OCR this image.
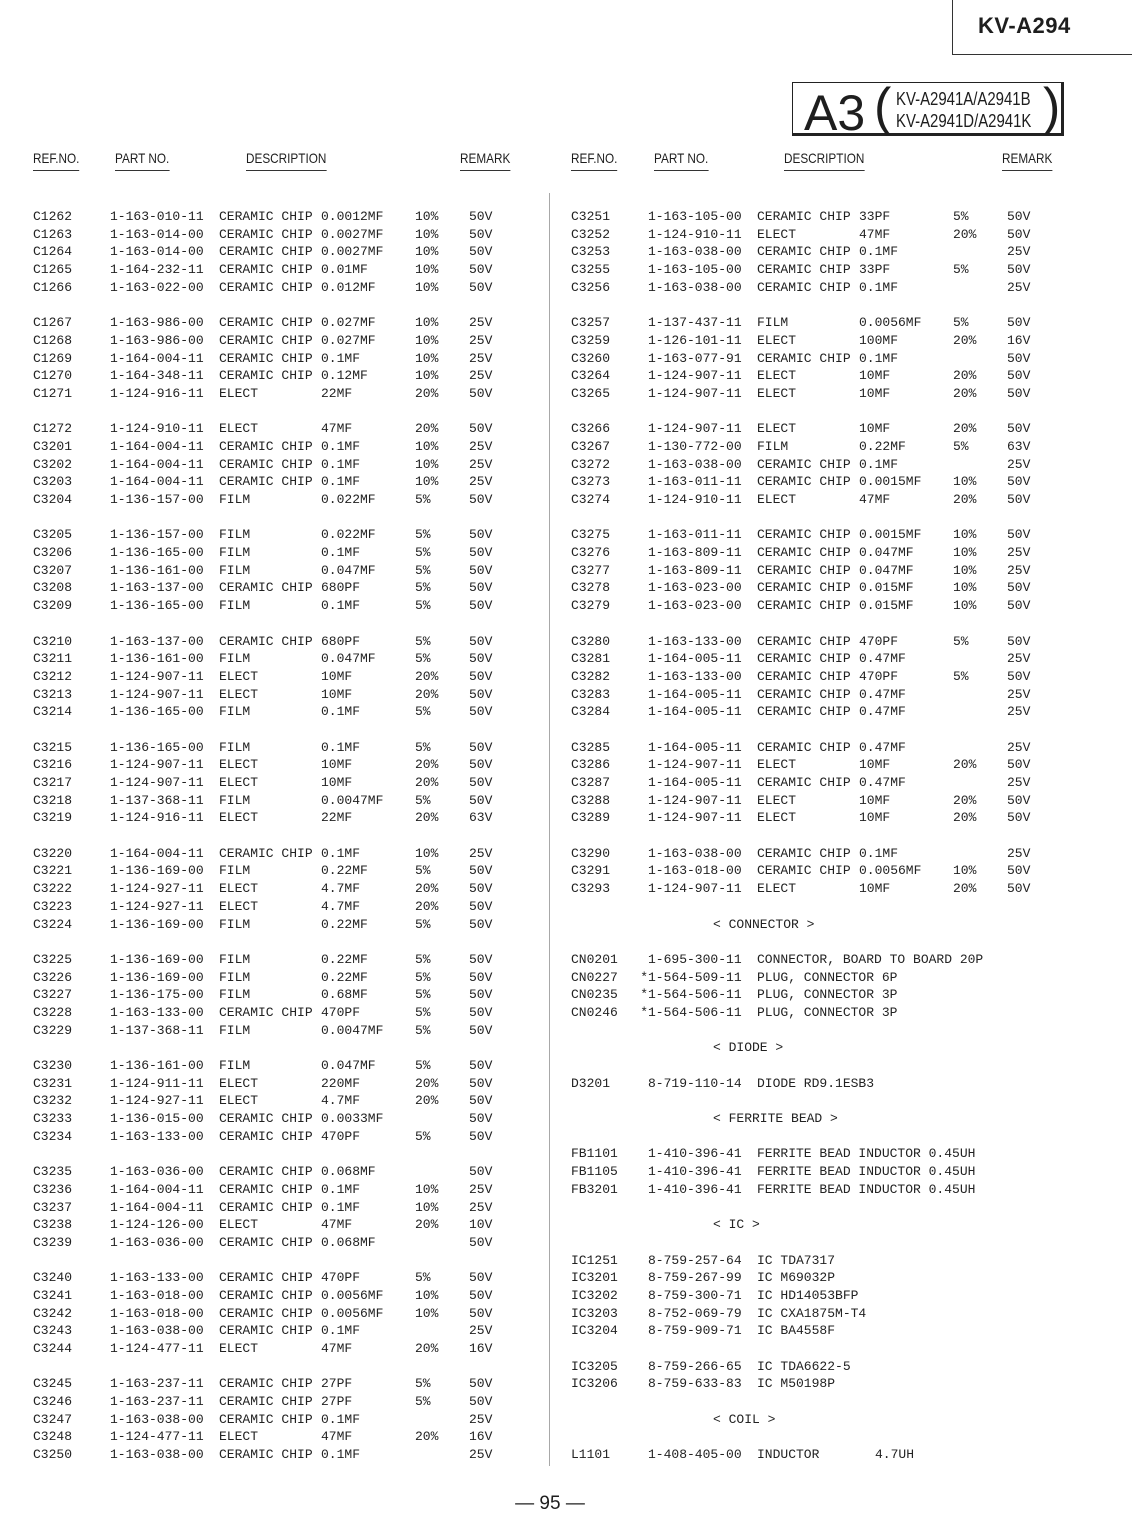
KV-A294
A3 ( KV-A2941A/A2941B
KV-A2941D/A2941K )
REF.NO.	PART NO.	DESCRIPTION	REMARK	REF.NO.	PART NO.	DESCRIPTION	REMARK
C1262	1-163-010-11 CERAMIC CHIP 0.0012MF 10% 50V
C1263	1-163-014-00 CERAMIC CHIP 0.0027MF 10% 50V
C1264	1-163-014-00 CERAMIC CHIP 0.0027MF 10% 50V
C1265	1-164-232-11 CERAMIC CHIP 0.01MF	10% 50V
C1266	1-163-022-00 CERAMIC CHIP 0.012MF	10% 50V
C1267	1-163-986-00 CERAMIC CHIP 0.027MF	10% 25V
C1268	1-163-986-00 CERAMIC CHIP 0.027MF	10% 25V
C1269	1-164-004-11 CERAMIC CHIP 0.1MF	10% 25V
C1270	1-164-348-11 CERAMIC CHIP 0.12MF	10% 25V
C1271	1-124-916-11 ELECT	22MF	20% 50V
C1272	1-124-910-11 ELECT	47MF	20% 50V
C3201	1-164-004-11 CERAMIC CHIP 0.1MF	10% 25V
C3202	1-164-004-11 CERAMIC CHIP 0.1MF	10% 25V
C3203	1-164-004-11 CERAMIC CHIP 0.1MF	10% 25V
C3204	1-136-157-00 FILM	0.022MF	5%	50V
C3205	1-136-157-00 FILM	0.022MF	5%	50V
C3206	1-136-165-00 FILM	0.1MF	5%	50V
C3207	1-136-161-00 FILM	0.047MF	5%	50V
C3208	1-163-137-00 CERAMIC CHIP 680PF	5%	50V
C3209	1-136-165-00 FILM	0.1MF	5%	50V
C3210	1-163-137-00 CERAMIC CHIP 680PF	5%	50V
C3211	1-136-161-00 FILM	0.047MF	5%	50V
C3212	1-124-907-11 ELECT	10MF	20% 50V
C3213	1-124-907-11 ELECT	10MF	20% 50V
C3214	1-136-165-00 FILM	0.1MF	5%	50V
C3215	1-136-165-00 FILM	0.1MF	5%	50V
C3216	1-124-907-11 ELECT	10MF	20% 50V
C3217	1-124-907-11 ELECT	10MF	20% 50V
C3218	1-137-368-11 FILM	0.0047MF 5%	50V
C3219	1-124-916-11 ELECT	22MF	20% 63V
C3220	1-164-004-11 CERAMIC CHIP 0.1MF	10% 25V
C3221	1-136-169-00 FILM	0.22MF	5%	50V
C3222	1-124-927-11 ELECT	4.7MF	20% 50V
C3223	1-124-927-11 ELECT	4.7MF	20% 50V
C3224	1-136-169-00 FILM	0.22MF	5%	50V
C3225	1-136-169-00 FILM	0.22MF	5%	50V
C3226	1-136-169-00 FILM	0.22MF	5%	50V
C3227	1-136-175-00 FILM	0.68MF	5%	50V
C3228	1-163-133-00 CERAMIC CHIP 470PF	5%	50V
C3229	1-137-368-11 FILM	0.0047MF 5%	50V
C3230	1-136-161-00 FILM	0.047MF	5%	50V
C3231	1-124-911-11 ELECT	220MF	20% 50V
C3232	1-124-927-11 ELECT	4.7MF	20% 50V
C3233	1-136-015-00 CERAMIC CHIP 0.0033MF	50V
C3234	1-163-133-00 CERAMIC CHIP 470PF	5%	50V
C3235	1-163-036-00 CERAMIC CHIP 0.068MF	50V
C3236	1-164-004-11 CERAMIC CHIP 0.1MF	10% 25V
C3237	1-164-004-11 CERAMIC CHIP 0.1MF	10% 25V
C3238	1-124-126-00 ELECT	47MF	20% 10V
C3239	1-163-036-00 CERAMIC CHIP 0.068MF	50V
C3240	1-163-133-00 CERAMIC CHIP 470PF	5%	50V
C3241	1-163-018-00 CERAMIC CHIP 0.0056MF 10% 50V
C3242	1-163-018-00 CERAMIC CHIP 0.0056MF 10% 50V
C3243	1-163-038-00 CERAMIC CHIP 0.1MF	25V
C3244	1-124-477-11 ELECT	47MF	20% 16V
C3245	1-163-237-11 CERAMIC CHIP 27PF	5%	50V
C3246	1-163-237-11 CERAMIC CHIP 27PF	5%	50V
C3247	1-163-038-00 CERAMIC CHIP 0.1MF	25V
C3248	1-124-477-11 ELECT	47MF	20% 16V
C3250	1-163-038-00 CERAMIC CHIP 0.1MF	25V
C3251	1-163-105-00 CERAMIC CHIP 33PF	5%	50V
C3252	1-124-910-11 ELECT	47MF	20% 50V
C3253	1-163-038-00 CERAMIC CHIP 0.1MF	25V
C3255	1-163-105-00 CERAMIC CHIP 33PF	5%	50V
C3256	1-163-038-00 CERAMIC CHIP 0.1MF	25V
C3257	1-137-437-11 FILM	0.0056MF 5%	50V
C3259	1-126-101-11 ELECT	100MF	20% 16V
C3260	1-163-077-91 CERAMIC CHIP 0.1MF	50V
C3264	1-124-907-11 ELECT	10MF	20% 50V
C3265	1-124-907-11 ELECT	10MF	20% 50V
C3266	1-124-907-11 ELECT	10MF	20% 50V
C3267	1-130-772-00 FILM	0.22MF	5%	63V
C3272	1-163-038-00 CERAMIC CHIP 0.1MF	25V
C3273	1-163-011-11 CERAMIC CHIP 0.0015MF 10% 50V
C3274	1-124-910-11 ELECT	47MF	20% 50V
C3275	1-163-011-11 CERAMIC CHIP 0.0015MF 10% 50V
C3276	1-163-809-11 CERAMIC CHIP 0.047MF	10% 25V
C3277	1-163-809-11 CERAMIC CHIP 0.047MF	10% 25V
C3278	1-163-023-00 CERAMIC CHIP 0.015MF	10% 50V
C3279	1-163-023-00 CERAMIC CHIP 0.015MF	10% 50V
C3280	1-163-133-00 CERAMIC CHIP 470PF	5%	50V
C3281	1-164-005-11 CERAMIC CHIP 0.47MF	25V
C3282	1-163-133-00 CERAMIC CHIP 470PF	5%	50V
C3283	1-164-005-11 CERAMIC CHIP 0.47MF	25V
C3284	1-164-005-11 CERAMIC CHIP 0.47MF	25V
C3285	1-164-005-11 CERAMIC CHIP 0.47MF	25V
C3286	1-124-907-11 ELECT	10MF	20% 50V
C3287	1-164-005-11 CERAMIC CHIP 0.47MF	25V
C3288	1-124-907-11 ELECT	10MF	20% 50V
C3289	1-124-907-11 ELECT	10MF	20% 50V
C3290	1-163-038-00 CERAMIC CHIP 0.1MF	25V
C3291	1-163-018-00 CERAMIC CHIP 0.0056MF 10% 50V
C3293	1-124-907-11 ELECT	10MF	20% 50V
< CONNECTOR >
CN0201 1-695-300-11 CONNECTOR, BOARD TO BOARD 20P
CN0227 *1-564-509-11 PLUG, CONNECTOR 6P
CN0235 *1-564-506-11 PLUG, CONNECTOR 3P
CN0246 *1-564-506-11 PLUG, CONNECTOR 3P
< DIODE >
D3201	8-719-110-14 DIODE RD9.1ESB3
< FERRITE BEAD >
FB1101 1-410-396-41 FERRITE BEAD INDUCTOR 0.45UH
FB1105 1-410-396-41 FERRITE BEAD INDUCTOR 0.45UH
FB3201 1-410-396-41 FERRITE BEAD INDUCTOR 0.45UH
< IC >
IC1251 8-759-257-64 IC TDA7317
IC3201 8-759-267-99 IC M69032P
IC3202 8-759-300-71 IC HD14053BFP
IC3203 8-752-069-79 IC CXA1875M-T4
IC3204 8-759-909-71 IC BA4558F
IC3205 8-759-266-65 IC TDA6622-5
IC3206 8-759-633-83 IC M50198P
< COIL >
L1101	1-408-405-00 INDUCTOR	4.7UH
— 95 —
